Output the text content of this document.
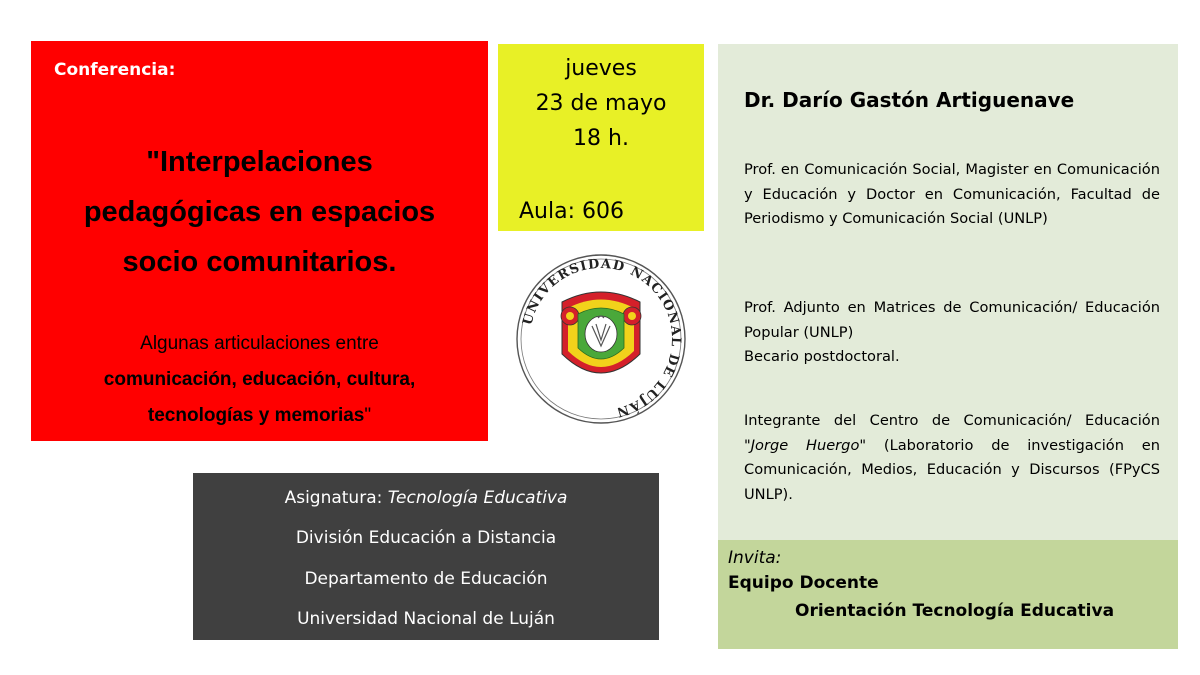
Conferencia:
"Interpelaciones
pedagógicas en espacios
socio comunitarios.
Algunas articulaciones entre
comunicación, educación, cultura,
tecnologías y memorias"
jueves
23 de mayo
18 h.
Aula: 606
UNIVERSIDAD NACIONAL DE LUJÁN
Asignatura: Tecnología Educativa
División Educación a Distancia
Departamento de Educación
Universidad Nacional de Luján
Dr. Darío Gastón Artiguenave
Prof. en Comunicación Social, Magister en Comunicación y Educación y Doctor en Comunicación, Facultad de Periodismo y Comunicación Social (UNLP)
Prof. Adjunto en Matrices de Comunicación/ Educación Popular (UNLP)
Becario postdoctoral.
Integrante del Centro de Comunicación/ Educación "Jorge Huergo" (Laboratorio de investigación en Comunicación, Medios, Educación y Discursos (FPyCS UNLP).
Invita:
Equipo Docente
Orientación Tecnología Educativa
